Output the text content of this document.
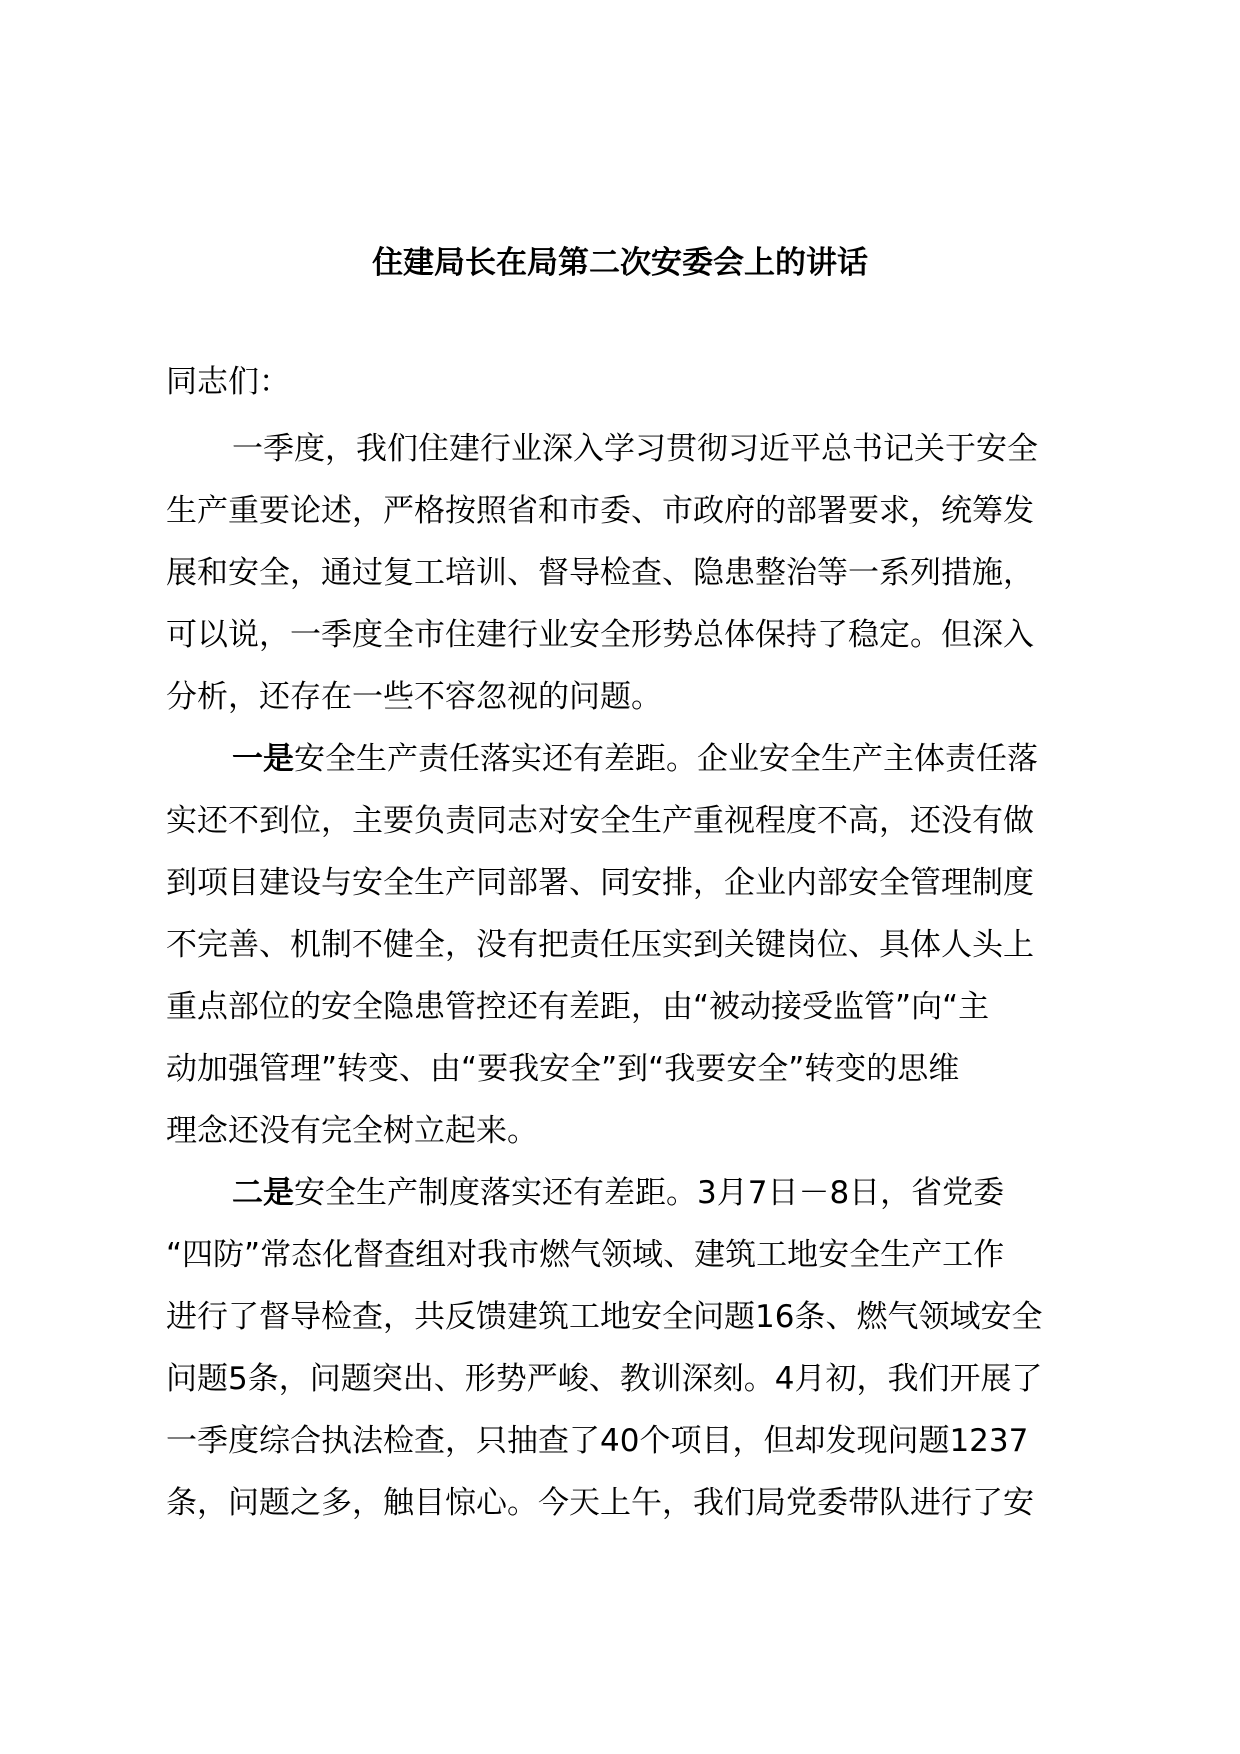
住建局长在局第二次安委会上的讲话

同志们：

一季度，我们住建行业深入学习贯彻习近平总书记关于安全
生产重要论述，严格按照省和市委、市政府的部署要求，统筹发
展和安全，通过复工培训、督导检查、隐患整治等一系列措施，
可以说，一季度全市住建行业安全形势总体保持了稳定。但深入
分析，还存在一些不容忽视的问题。
一是安全生产责任落实还有差距。企业安全生产主体责任落
实还不到位，主要负责同志对安全生产重视程度不高，还没有做
到项目建设与安全生产同部署、同安排，企业内部安全管理制度
不完善、机制不健全，没有把责任压实到关键岗位、具体人头上
重点部位的安全隐患管控还有差距，由“被动接受监管”向“主
动加强管理”转变、由“要我安全”到“我要安全”转变的思维
理念还没有完全树立起来。
二是安全生产制度落实还有差距。3月7日－8日，省党委
“四防”常态化督查组对我市燃气领域、建筑工地安全生产工作
进行了督导检查，共反馈建筑工地安全问题16条、燃气领域安全
问题5条，问题突出、形势严峻、教训深刻。4月初，我们开展了
一季度综合执法检查，只抽查了40个项目，但却发现问题1237
条，问题之多，触目惊心。今天上午，我们局党委带队进行了安
